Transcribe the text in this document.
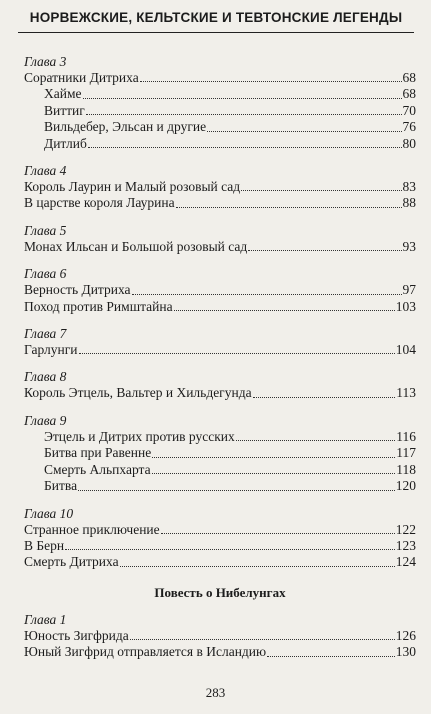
НОРВЕЖСКИЕ, КЕЛЬТСКИЕ И ТЕВТОНСКИЕ ЛЕГЕНДЫ
Глава 3
Соратники Дитриха	68
Хайме	68
Виттиг	70
Вильдебер, Эльсан и другие	76
Дитлиб	80
Глава 4
Король Лаурин и Малый розовый сад	83
В царстве короля Лаурина	88
Глава 5
Монах Ильсан и Большой розовый сад	93
Глава 6
Верность Дитриха	97
Поход против Римштайна	103
Глава 7
Гарлунги	104
Глава 8
Король Этцель, Вальтер и Хильдегунда	113
Глава 9
Этцель и Дитрих против русских	116
Битва при Равенне	117
Смерть Альпхарта	118
Битва	120
Глава 10
Странное приключение	122
В Берн	123
Смерть Дитриха	124
Повесть о Нибелунгах
Глава 1
Юность Зигфрида	126
Юный Зигфрид отправляется в Исландию	130
283
